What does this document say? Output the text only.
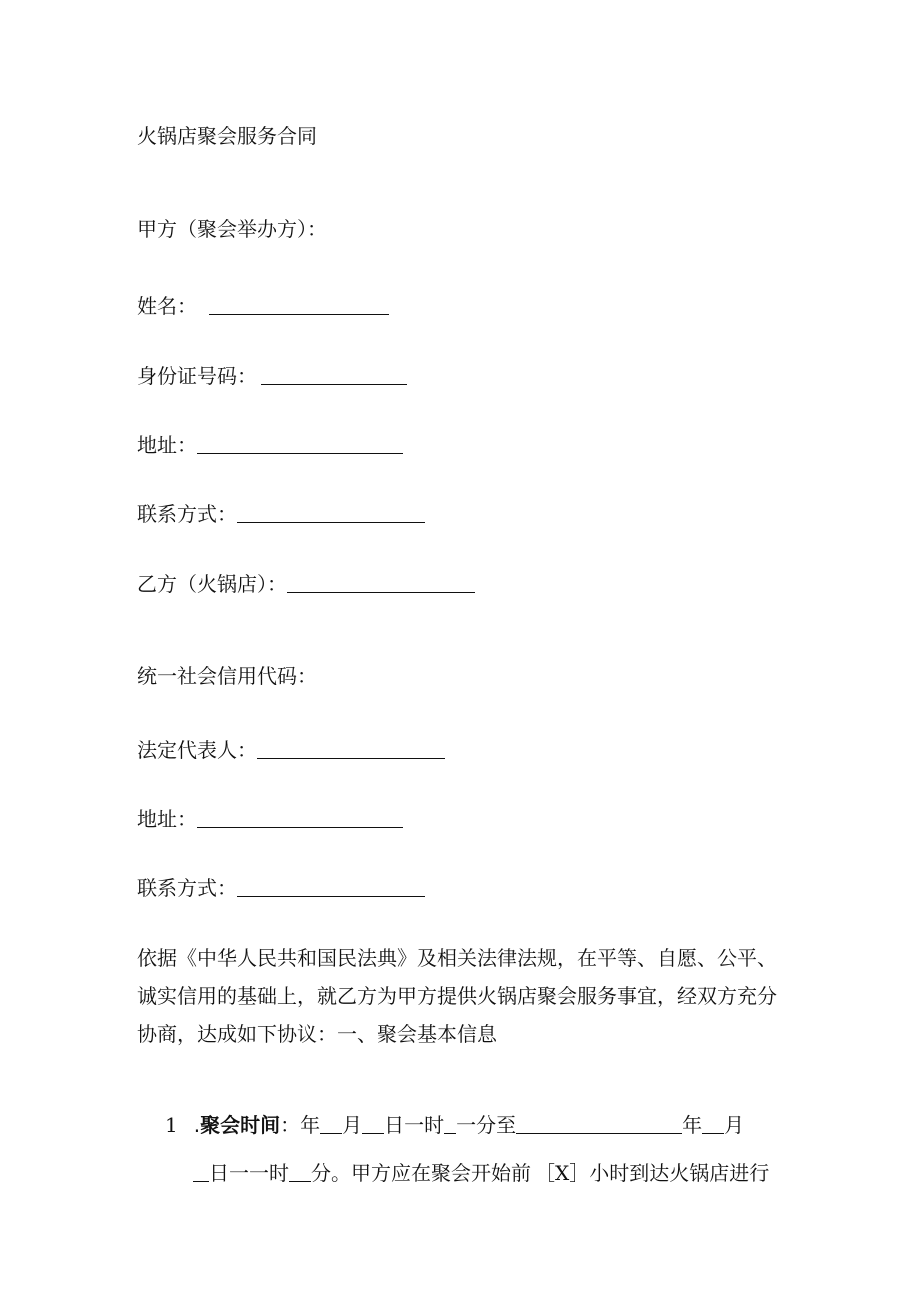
火锅店聚会服务合同
甲方（聚会举办方）：
姓名：
身份证号码：
地址：
联系方式：
乙方（火锅店）：
统一社会信用代码：
法定代表人：
地址：
联系方式：
依据《中华人民共和国民法典》及相关法律法规，在平等、自愿、公平、
诚实信用的基础上，就乙方为甲方提供火锅店聚会服务事宜，经双方充分
协商，达成如下协议：一、聚会基本信息
1 .聚会时间：年 月 日一时 一分至	年 月
日一一时 分。甲方应在聚会开始前 ［X］小时到达火锅店进行
